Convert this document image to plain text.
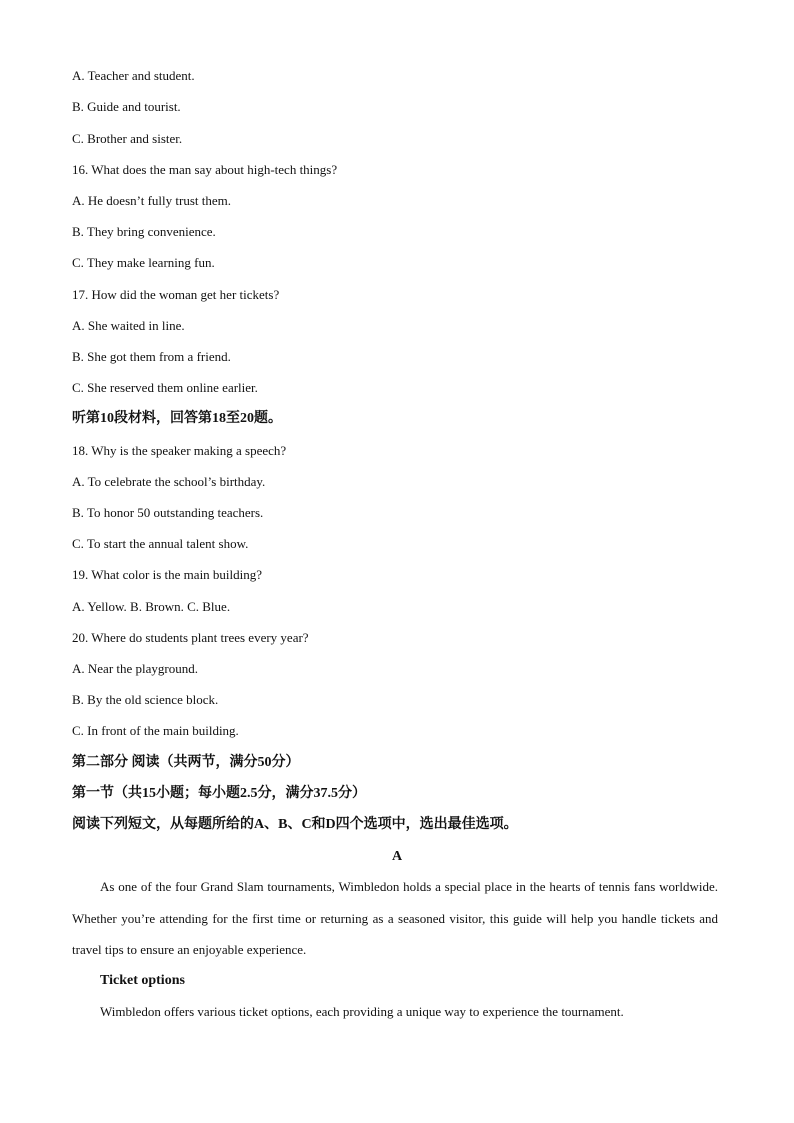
A. Teacher and student.

B. Guide and tourist.

C. Brother and sister.

16. What does the man say about high-tech things?

A. He doesn’t fully trust them.

B. They bring convenience.

C. They make learning fun.

17. How did the woman get her tickets?

A. She waited in line.

B. She got them from a friend.

C. She reserved them online earlier.

听第10段材料，回答第18至20题。

18. Why is the speaker making a speech?

A. To celebrate the school’s birthday.

B. To honor 50 outstanding teachers.

C. To start the annual talent show.

19. What color is the main building?

A. Yellow. B. Brown. C. Blue.

20. Where do students plant trees every year?

A. Near the playground.

B. By the old science block.

C. In front of the main building.

第二部分 阅读（共两节，满分50分）

第一节（共15小题；每小题2.5分，满分37.5分）

阅读下列短文，从每题所给的A、B、C和D四个选项中，选出最佳选项。

A

As one of the four Grand Slam tournaments, Wimbledon holds a special place in the hearts of tennis fans worldwide. Whether you’re attending for the first time or returning as a seasoned visitor, this guide will help you handle tickets and travel tips to ensure an enjoyable experience.

Ticket options

Wimbledon offers various ticket options, each providing a unique way to experience the tournament.
